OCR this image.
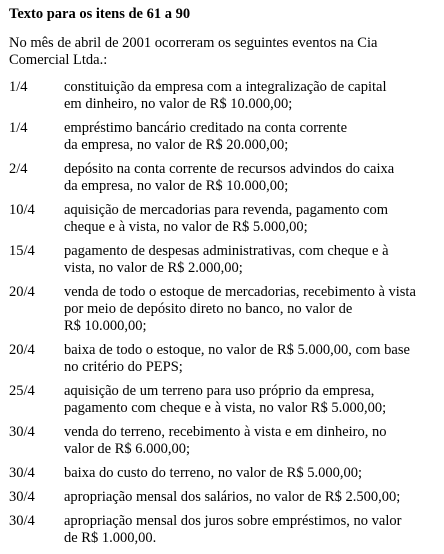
Texto para os itens de 61 a 90
No mês de abril de 2001 ocorreram os seguintes eventos na Cia
Comercial Ltda.:
1/4	constituição da empresa com a integralização de capital
em dinheiro, no valor de R$ 10.000,00;
1/4	empréstimo bancário creditado na conta corrente
da empresa, no valor de R$ 20.000,00;
2/4	depósito na conta corrente de recursos advindos do caixa
da empresa, no valor de R$ 10.000,00;
10/4 aquisição de mercadorias para revenda, pagamento com
cheque e à vista, no valor de R$ 5.000,00;
15/4 pagamento de despesas administrativas, com cheque e à
vista, no valor de R$ 2.000,00;
20/4 venda de todo o estoque de mercadorias, recebimento à vista
por meio de depósito direto no banco, no valor de
R$ 10.000,00;
20/4 baixa de todo o estoque, no valor de R$ 5.000,00, com base
no critério do PEPS;
25/4 aquisição de um terreno para uso próprio da empresa,
pagamento com cheque e à vista, no valor R$ 5.000,00;
30/4 venda do terreno, recebimento à vista e em dinheiro, no
valor de R$ 6.000,00;
30/4 baixa do custo do terreno, no valor de R$ 5.000,00;
30/4 apropriação mensal dos salários, no valor de R$ 2.500,00;
30/4 apropriação mensal dos juros sobre empréstimos, no valor
de R$ 1.000,00.
